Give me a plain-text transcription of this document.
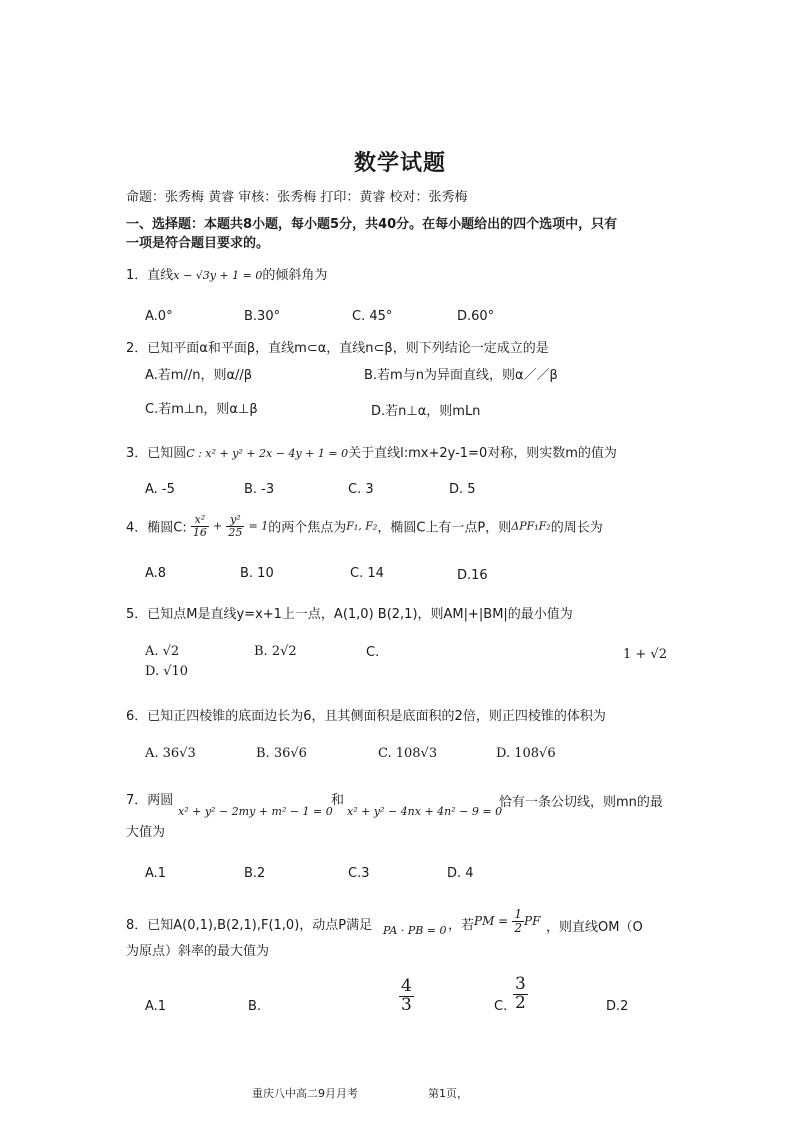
数学试题
命题：张秀梅 黄睿 审核：张秀梅 打印：黄睿 校对：张秀梅
一、选择题：本题共8小题，每小题5分，共40分。在每小题给出的四个选项中，只有
一项是符合题目要求的。
1．直线x − √3y + 1 = 0的倾斜角为
A.0°	B.30°	C. 45°	D.60°
2．已知平面α和平面β，直线m⊂α，直线n⊂β，则下列结论一定成立的是
A.若m//n，则α//β	B.若m与n为异面直线，则α／／β
C.若m⊥n，则α⊥β	D.若n⊥α，则mLn
3．已知圆C : x² + y² + 2x − 4y + 1 = 0关于直线l:mx+2y-1=0对称，则实数m的值为
A. -5	B. -3	C. 3	D. 5
4．椭圆C: $\frac{\text{x²}}{16} + \frac{\text{y²}}{25} = 1$的两个焦点为F₁, F₂，椭圆C上有一点P，则ΔPF₁F₂的周长为
A.8	B. 10	C. 14	D.16
5．已知点M是直线y=x+1上一点，A(1,0) B(2,1)，则AM|+|BM|的最小值为
A. √2	B. 2√2	C.	1 + √2
D. √10
6．已知正四棱锥的底面边长为6，且其侧面积是底面积的2倍，则正四棱锥的体积为
A. 36√3	B. 36√6	C. 108√3	D. 108√6
7．两圆
x² + y² − 2my + m² − 1 = 0
和
x² + y² − 4nx + 4n² − 9 = 0
恰有一条公切线，则mn的最
大值为
A.1	B.2	C.3	D. 4
8．已知A(0,1),B(2,1),F(1,0)，动点P满足 PA · PB = 0 ，若 PM = $\frac{1}{2}$ PF ，则直线OM（O
为原点）斜率的最大值为
A.1	B.	$\frac{4}{3}$	C. $\frac{3}{2}$	D.2
重庆八中高二9月月考	第1页，
